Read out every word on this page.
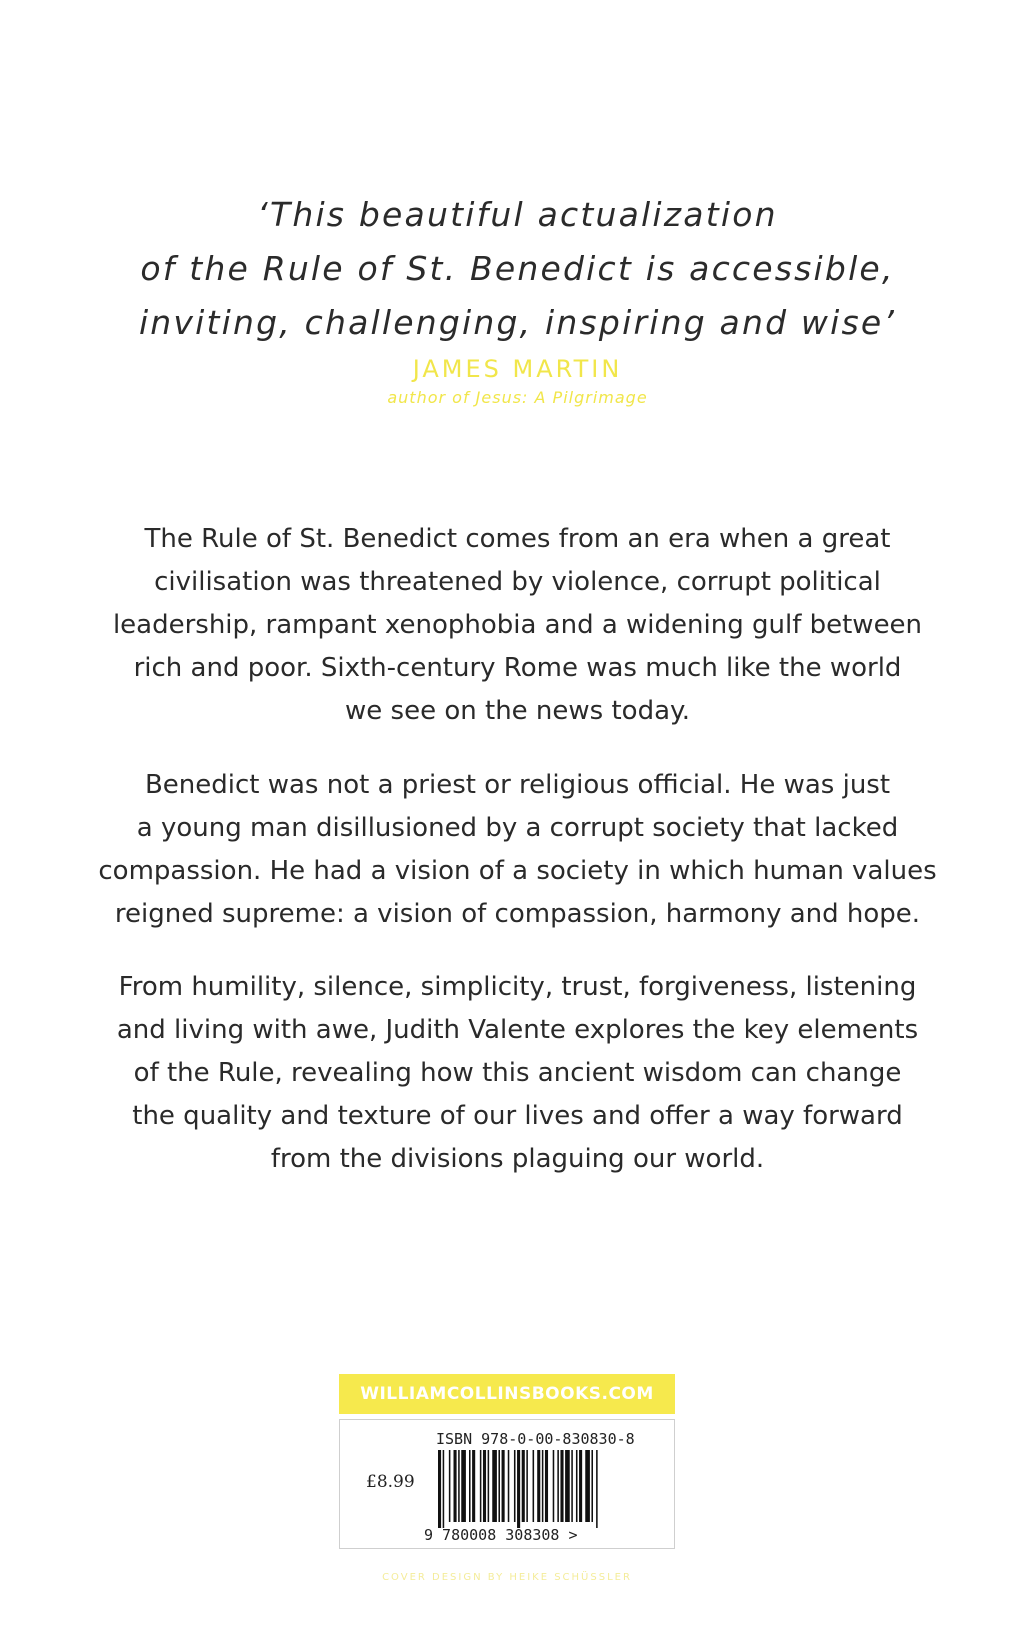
‘This beautiful actualization
of the Rule of St. Benedict is accessible,
inviting, challenging, inspiring and wise’
JAMES MARTIN
author of Jesus: A Pilgrimage
The Rule of St. Benedict comes from an era when a great
civilisation was threatened by violence, corrupt political
leadership, rampant xenophobia and a widening gulf between
rich and poor. Sixth-century Rome was much like the world
we see on the news today.
Benedict was not a priest or religious official. He was just
a young man disillusioned by a corrupt society that lacked
compassion. He had a vision of a society in which human values
reigned supreme: a vision of compassion, harmony and hope.
From humility, silence, simplicity, trust, forgiveness, listening
and living with awe, Judith Valente explores the key elements
of the Rule, revealing how this ancient wisdom can change
the quality and texture of our lives and offer a way forward
from the divisions plaguing our world.
WILLIAMCOLLINSBOOKS.COM
ISBN 978-0-00-830830-8
£8.99
9 780008 308308 >
COVER DESIGN BY HEIKE SCHÜSSLER
